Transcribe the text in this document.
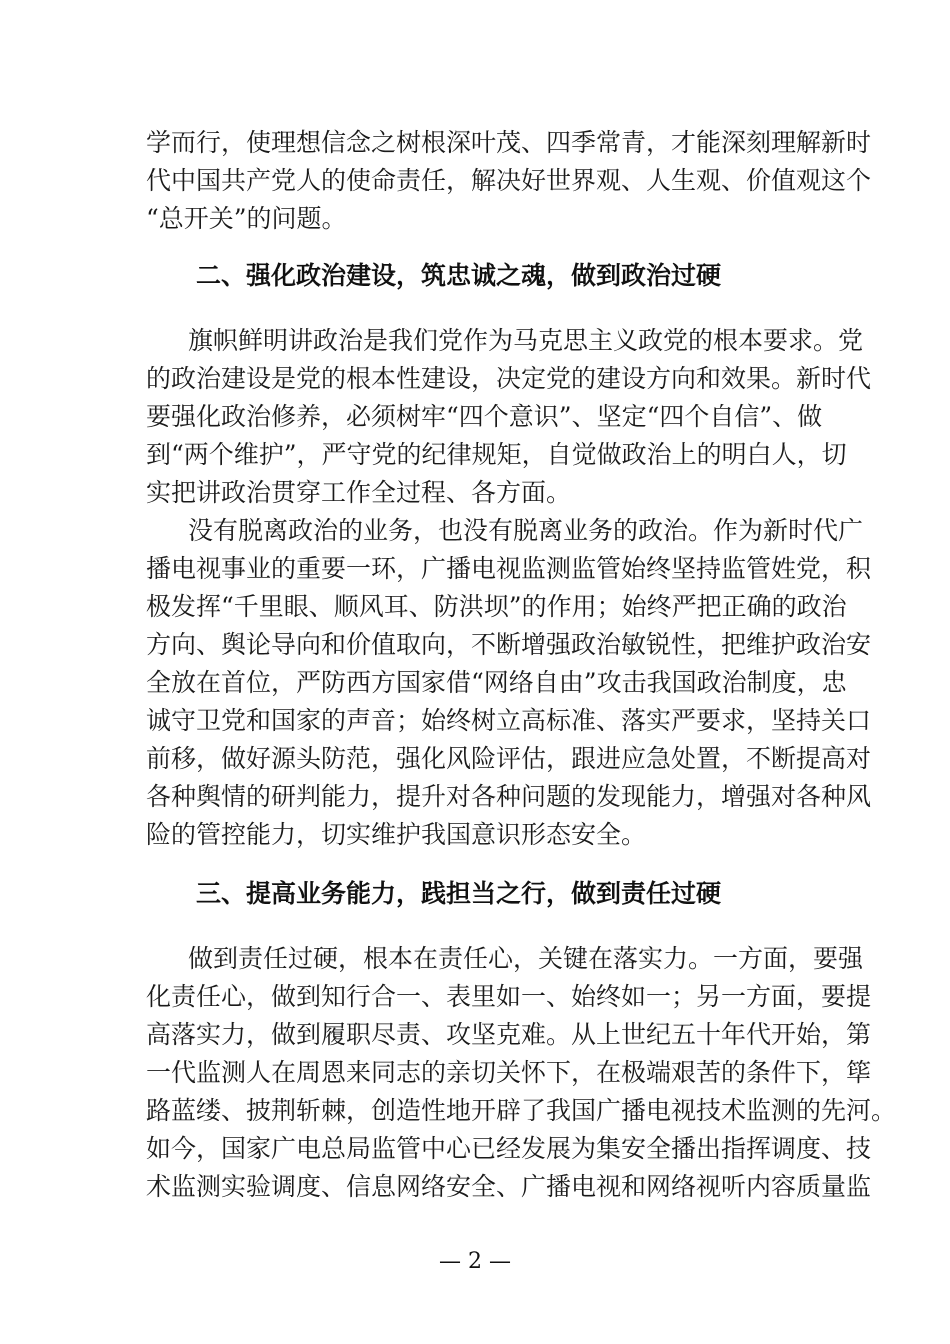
学而行，使理想信念之树根深叶茂、四季常青，才能深刻理解新时
代中国共产党人的使命责任，解决好世界观、人生观、价值观这个
“总开关”的问题。
二、强化政治建设，筑忠诚之魂，做到政治过硬
旗帜鲜明讲政治是我们党作为马克思主义政党的根本要求。党
的政治建设是党的根本性建设，决定党的建设方向和效果。新时代
要强化政治修养，必须树牢“四个意识”、坚定“四个自信”、做
到“两个维护”，严守党的纪律规矩，自觉做政治上的明白人，切
实把讲政治贯穿工作全过程、各方面。
没有脱离政治的业务，也没有脱离业务的政治。作为新时代广
播电视事业的重要一环，广播电视监测监管始终坚持监管姓党，积
极发挥“千里眼、顺风耳、防洪坝”的作用；始终严把正确的政治
方向、舆论导向和价值取向，不断增强政治敏锐性，把维护政治安
全放在首位，严防西方国家借“网络自由”攻击我国政治制度，忠
诚守卫党和国家的声音；始终树立高标准、落实严要求，坚持关口
前移，做好源头防范，强化风险评估，跟进应急处置，不断提高对
各种舆情的研判能力，提升对各种问题的发现能力，增强对各种风
险的管控能力，切实维护我国意识形态安全。
三、提高业务能力，践担当之行，做到责任过硬
做到责任过硬，根本在责任心，关键在落实力。一方面，要强
化责任心，做到知行合一、表里如一、始终如一；另一方面，要提
高落实力，做到履职尽责、攻坚克难。从上世纪五十年代开始，第
一代监测人在周恩来同志的亲切关怀下，在极端艰苦的条件下，筚
路蓝缕、披荆斩棘，创造性地开辟了我国广播电视技术监测的先河。
如今，国家广电总局监管中心已经发展为集安全播出指挥调度、技
术监测实验调度、信息网络安全、广播电视和网络视听内容质量监
— 2 —
